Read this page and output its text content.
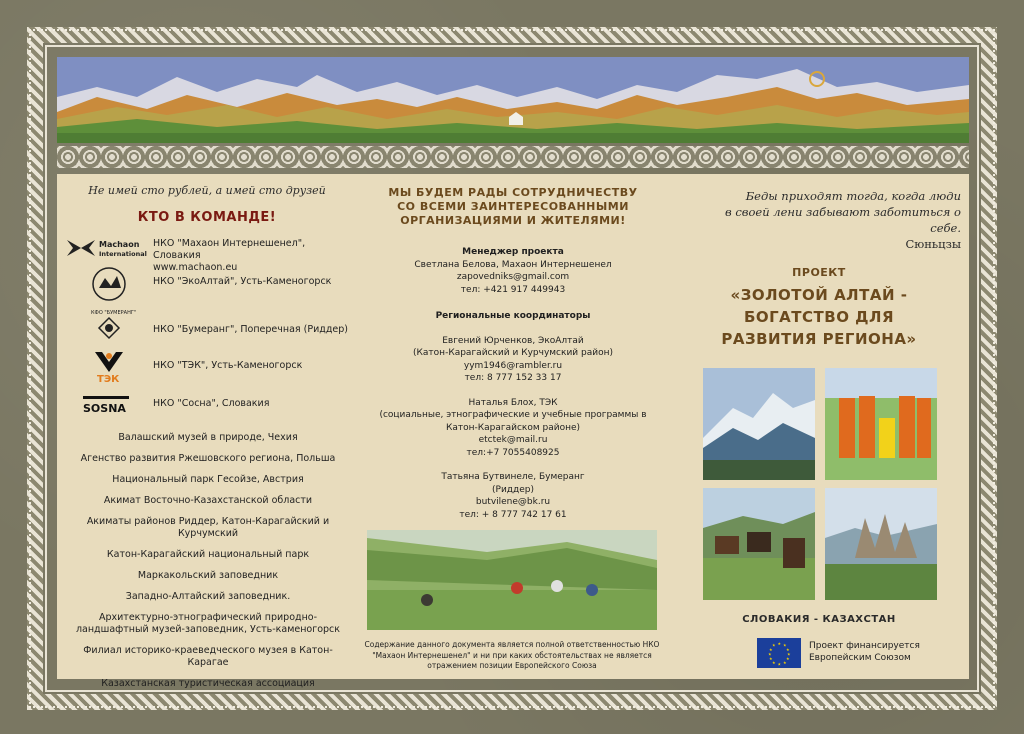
Не имей сто рублей, а имей сто друзей
КТО В КОМАНДЕ!
Machaon
International
НКО "Махаон Интернешенел", Словакия
www.machaon.eu
НКО "ЭкоАлтай", Усть-Каменогорск
КФО "БУМЕРАНГ"
НКО "Бумеранг", Поперечная (Риддер)
ТЭК
НКО "ТЭК", Усть-Каменогорск
SOSNA	НКО "Сосна", Словакия
Валашский музей в природе, Чехия
Агенство развития Ржешовского региона, Польша
Национальный парк Гесойзе, Австрия
Акимат Восточно-Казахстанской области
Акиматы районов Риддер, Катон-Карагайский и Курчумский
Катон-Карагайский национальный парк
Маркакольский заповедник
Западно-Алтайский заповедник.
Архитектурно-этнографический природно-ландшафтный музей-заповедник, Усть-каменогорск
Филиал историко-краеведческого музея в Катон-Карагае
Казахстанская туристическая ассоциация
МЫ БУДЕМ РАДЫ СОТРУДНИЧЕСТВУ
СО ВСЕМИ ЗАИНТЕРЕСОВАННЫМИ
ОРГАНИЗАЦИЯМИ И ЖИТЕЛЯМИ!
Менеджер проекта
Светлана Белова, Махаон Интернешенел
zapovedniks@gmail.com
тел: +421 917 449943
Региональные координаторы
Евгений Юрченков, ЭкоАлтай
(Катон-Карагайский и Курчумский район)
yym1946@rambler.ru
тел: 8 777 152 33 17
Наталья Блох, ТЭК
(социальные, этнографические и учебные программы в
Катон-Карагайском районе)
etctek@mail.ru
тел:+7 7055408925
Татьяна Бутвинеле, Бумеранг
(Риддер)
butvilene@bk.ru
тел: + 8 777 742 17 61
Содержание данного документа является полной ответственностью НКО "Махаон Интернешенел" и ни при каких обстоятельствах не является отражением позиции Европейского Союза
Беды приходят тогда, когда люди
в своей лени забывают заботиться о себе.
Сюньцзы
ПРОЕКТ
«ЗОЛОТОЙ АЛТАЙ -
БОГАТСТВО ДЛЯ
РАЗВИТИЯ РЕГИОНА»
СЛОВАКИЯ - КАЗАХСТАН
★ ★
★
★
★
★
★
★
★
★
★
★	Проект финансируется
Европейским Союзом
